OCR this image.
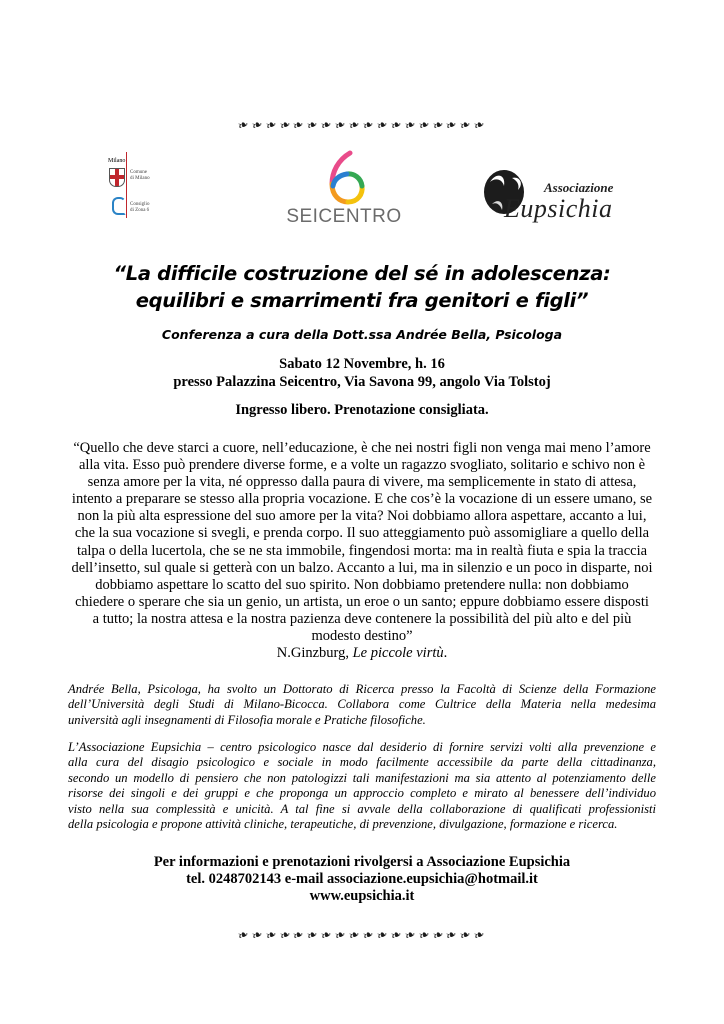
❧❧❧❧❧❧❧❧❧❧❧❧❧❧❧❧❧❧
Milano
Comune
di Milano
Consiglio
di Zona 6	SEICENTRO
Associazione
Eupsichia
“La difficile costruzione del sé in adolescenza:
equilibri e smarrimenti fra genitori e figli”
Conferenza a cura della Dott.ssa Andrée Bella, Psicologa
Sabato 12 Novembre, h. 16
presso Palazzina Seicentro, Via Savona 99, angolo Via Tolstoj
Ingresso libero. Prenotazione consigliata.

“Quello che deve starci a cuore, nell’educazione, è che nei nostri figli non venga mai meno l’amore

alla vita. Esso può prendere diverse forme, e a volte un ragazzo svogliato, solitario e schivo non è

senza amore per la vita, né oppresso dalla paura di vivere, ma semplicemente in stato di attesa,

intento a preparare se stesso alla propria vocazione. E che cos’è la vocazione di un essere umano, se

non la più alta espressione del suo amore per la vita? Noi dobbiamo allora aspettare, accanto a lui,

che la sua vocazione si svegli, e prenda corpo. Il suo atteggiamento può assomigliare a quello della

talpa o della lucertola, che se ne sta immobile, fingendosi morta: ma in realtà fiuta e spia la traccia

dell’insetto, sul quale si getterà con un balzo. Accanto a lui, ma in silenzio e un poco in disparte, noi

dobbiamo aspettare lo scatto del suo spirito. Non dobbiamo pretendere nulla: non dobbiamo

chiedere o sperare che sia un genio, un artista, un eroe o un santo; eppure dobbiamo essere disposti

a tutto; la nostra attesa e la nostra pazienza deve contenere la possibilità del più alto e del più

modesto destino”

N.Ginzburg, Le piccole virtù.

Andrée Bella, Psicologa, ha svolto un Dottorato di Ricerca presso la Facoltà di Scienze della Formazione

dell’Università degli Studi di Milano-Bicocca. Collabora come Cultrice della Materia nella medesima

università agli insegnamenti di Filosofia morale e Pratiche filosofiche.

L’Associazione Eupsichia – centro psicologico nasce dal desiderio di fornire servizi volti alla prevenzione e

alla cura del disagio psicologico e sociale in modo facilmente accessibile da parte della cittadinanza,

secondo un modello di pensiero che non patologizzi tali manifestazioni ma sia attento al potenziamento delle

risorse dei singoli e dei gruppi e che proponga un approccio completo e mirato al benessere dell’individuo

visto nella sua complessità e unicità. A tal fine si avvale della collaborazione di qualificati professionisti

della psicologia e propone attività cliniche, terapeutiche, di prevenzione, divulgazione, formazione e ricerca.

Per informazioni e prenotazioni rivolgersi a Associazione Eupsichia

tel. 0248702143 e-mail associazione.eupsichia@hotmail.it

www.eupsichia.it

❧❧❧❧❧❧❧❧❧❧❧❧❧❧❧❧❧❧
